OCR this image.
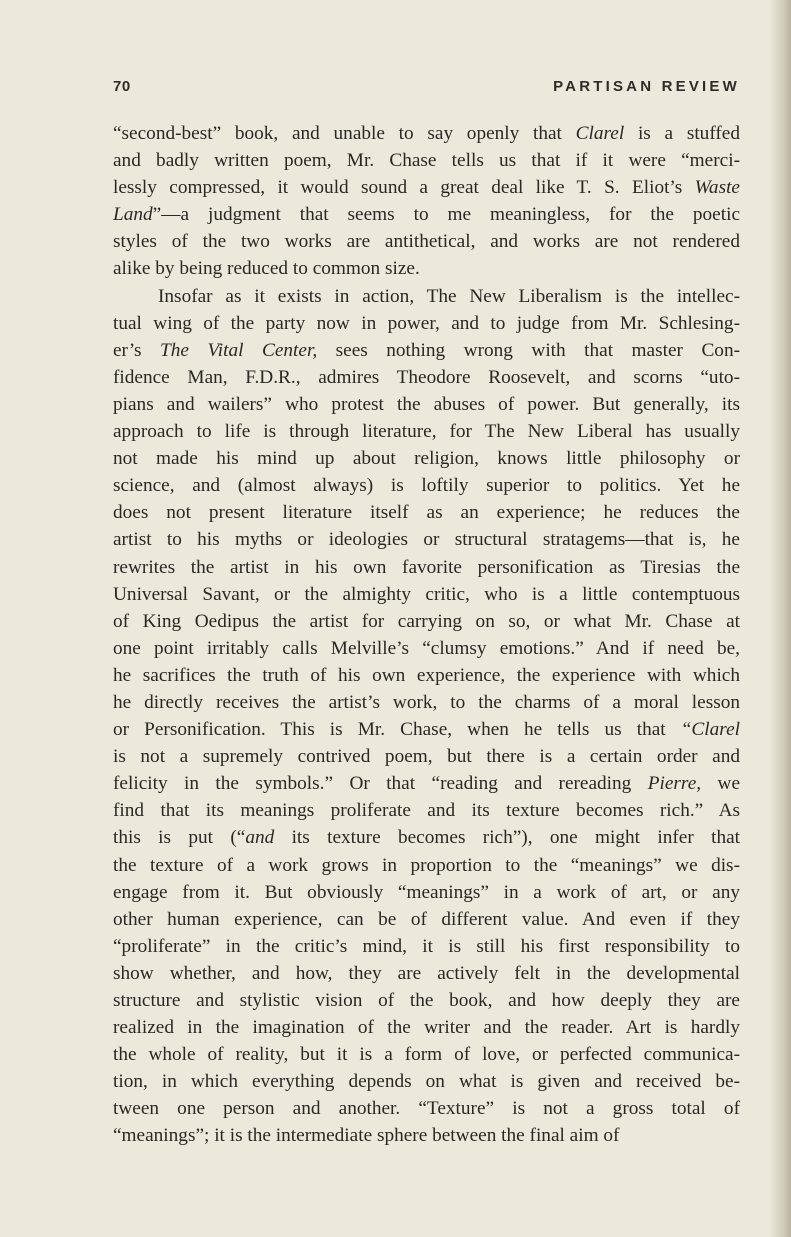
70	PARTISAN REVIEW

“second-best” book, and unable to say openly that Clarel is a stuffed
and badly written poem, Mr. Chase tells us that if it were “merci-
lessly compressed, it would sound a great deal like T. S. Eliot’s Waste
Land”—a judgment that seems to me meaningless, for the poetic
styles of the two works are antithetical, and works are not rendered
alike by being reduced to common size.

Insofar as it exists in action, The New Liberalism is the intellec-
tual wing of the party now in power, and to judge from Mr. Schlesing-
er’s The Vital Center, sees nothing wrong with that master Con-
fidence Man, F.D.R., admires Theodore Roosevelt, and scorns “uto-
pians and wailers” who protest the abuses of power. But generally, its
approach to life is through literature, for The New Liberal has usually
not made his mind up about religion, knows little philosophy or
science, and (almost always) is loftily superior to politics. Yet he
does not present literature itself as an experience; he reduces the
artist to his myths or ideologies or structural stratagems—that is, he
rewrites the artist in his own favorite personification as Tiresias the
Universal Savant, or the almighty critic, who is a little contemptuous
of King Oedipus the artist for carrying on so, or what Mr. Chase at
one point irritably calls Melville’s “clumsy emotions.” And if need be,
he sacrifices the truth of his own experience, the experience with which
he directly receives the artist’s work, to the charms of a moral lesson
or Personification. This is Mr. Chase, when he tells us that “Clarel
is not a supremely contrived poem, but there is a certain order and
felicity in the symbols.” Or that “reading and rereading Pierre, we
find that its meanings proliferate and its texture becomes rich.” As
this is put (“and its texture becomes rich”), one might infer that
the texture of a work grows in proportion to the “meanings” we dis-
engage from it. But obviously “meanings” in a work of art, or any
other human experience, can be of different value. And even if they
“proliferate” in the critic’s mind, it is still his first responsibility to
show whether, and how, they are actively felt in the developmental
structure and stylistic vision of the book, and how deeply they are
realized in the imagination of the writer and the reader. Art is hardly
the whole of reality, but it is a form of love, or perfected communica-
tion, in which everything depends on what is given and received be-
tween one person and another. “Texture” is not a gross total of
“meanings”; it is the intermediate sphere between the final aim of
